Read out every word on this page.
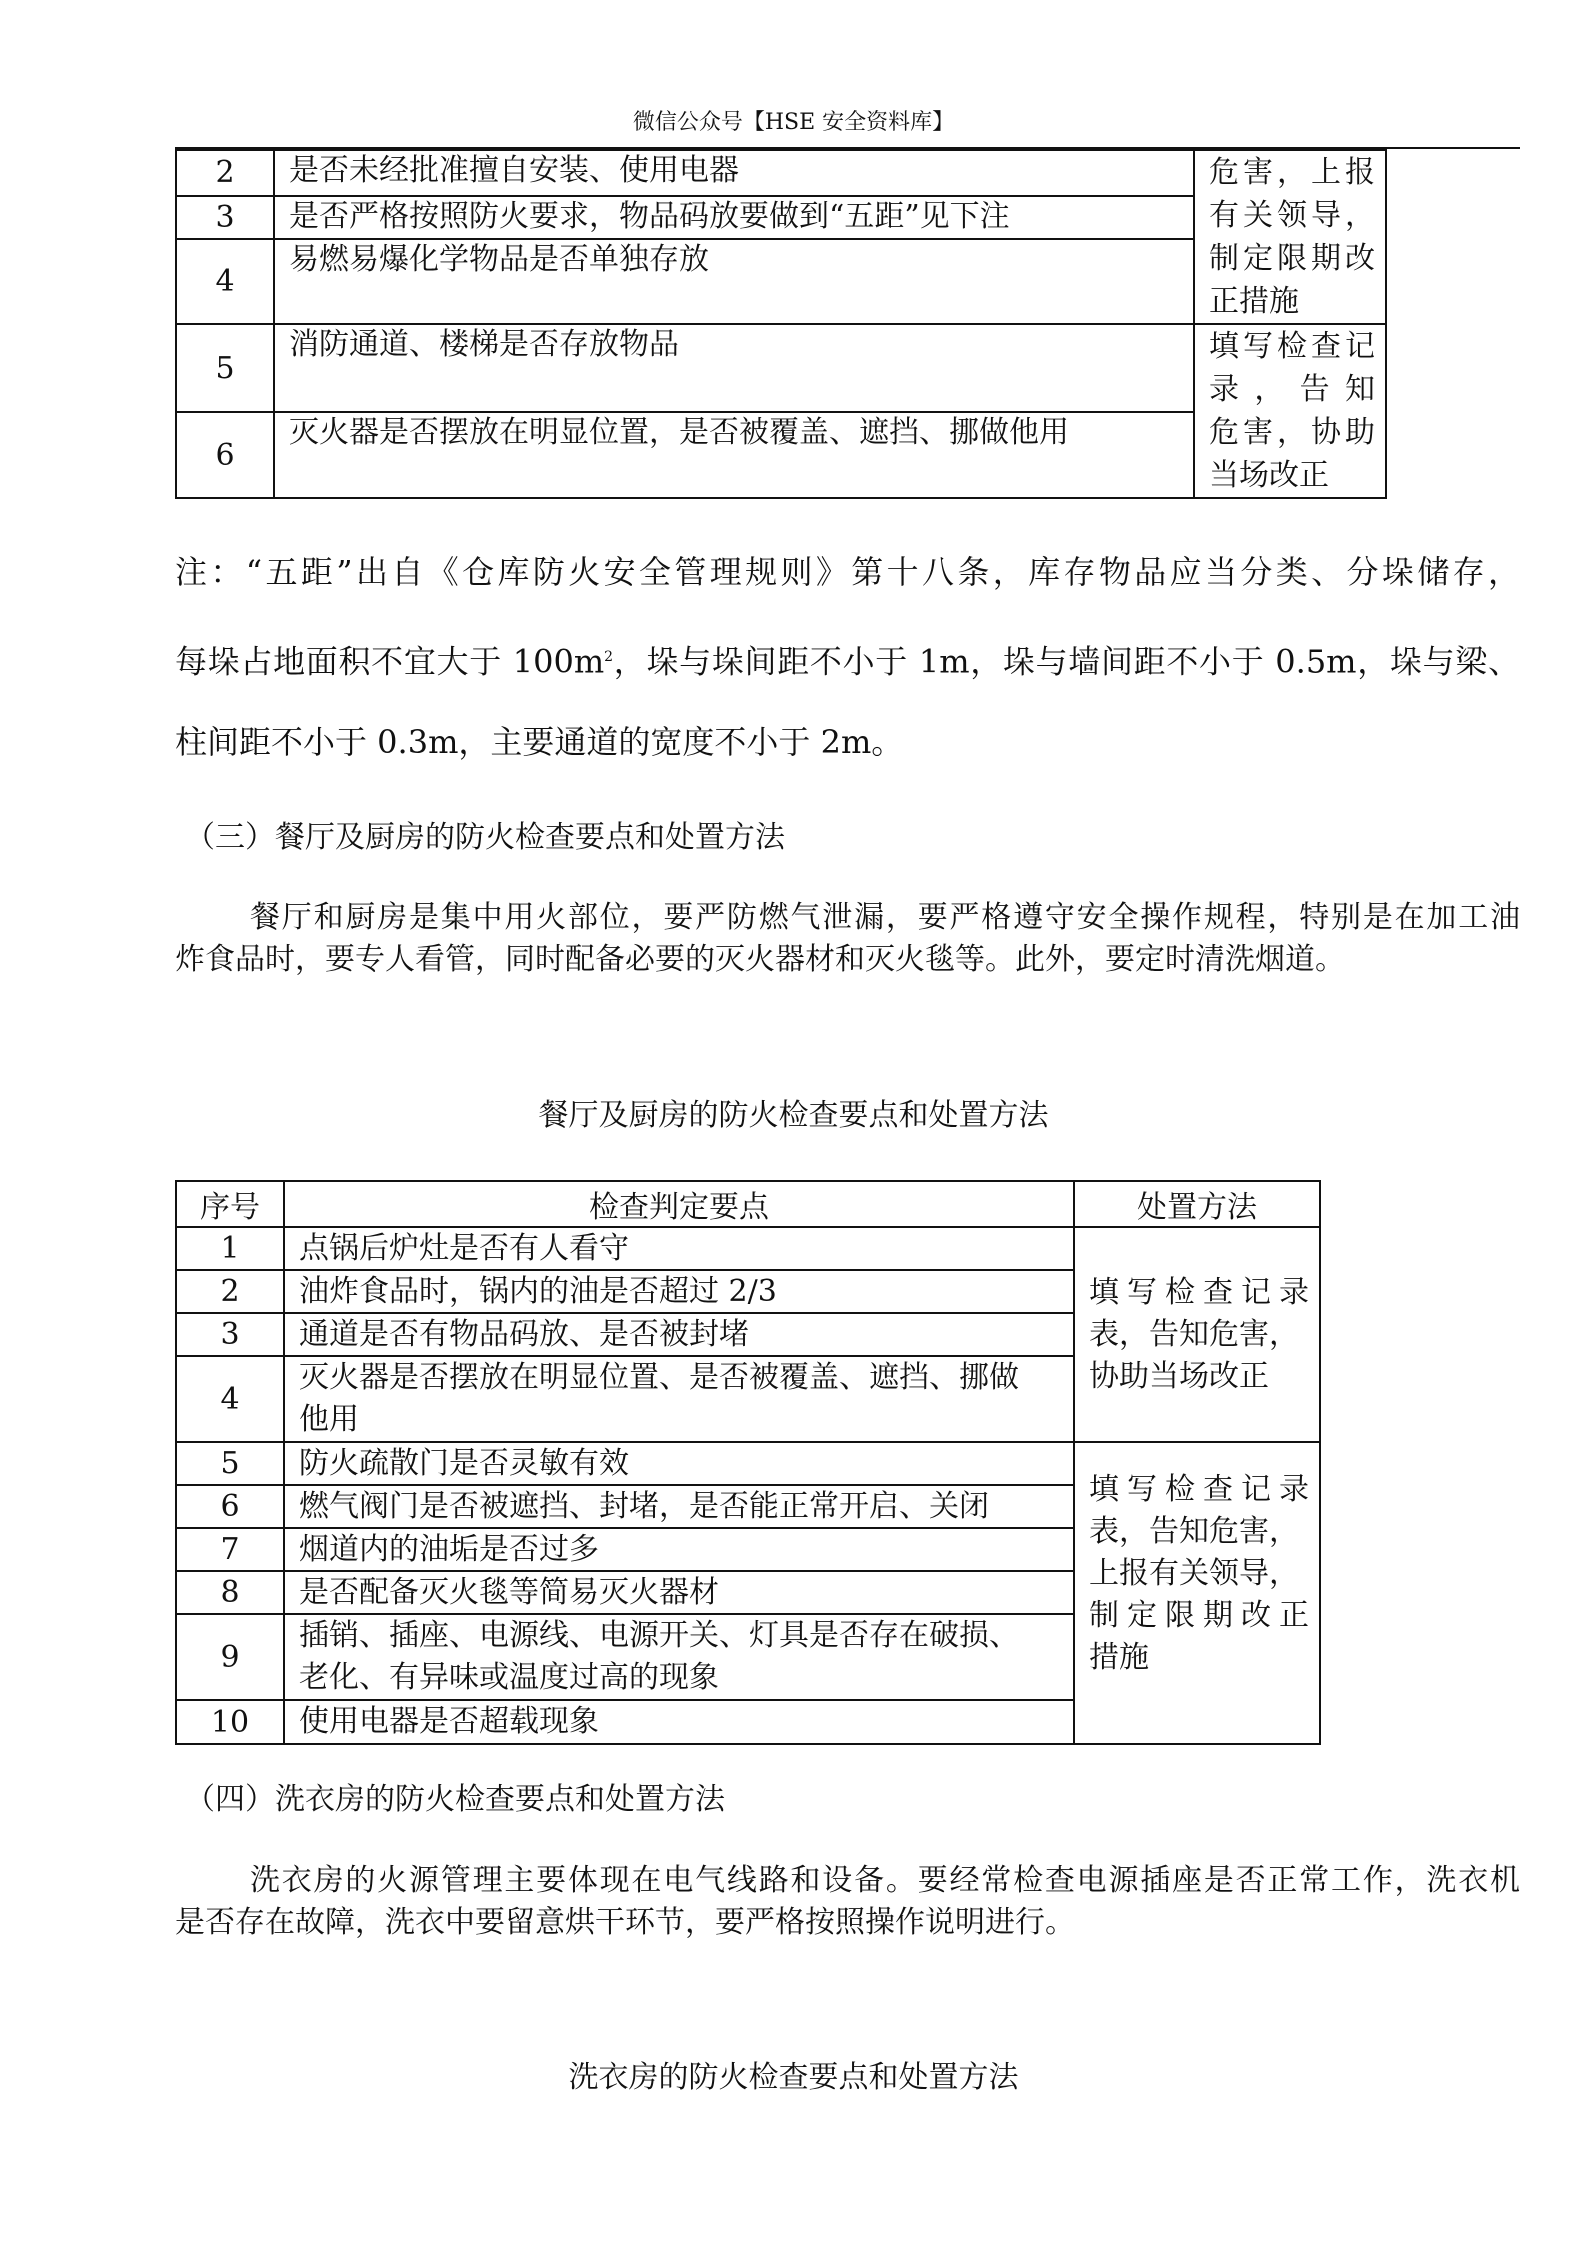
微信公众号【HSE 安全资料库】
2	是否未经批准擅自安装、使用电器	危害，上报
有关领导，
制定限期改
正措施

3	是否严格按照防火要求，物品码放要做到“五距”见下注	
4	易燃易爆化学物品是否单独存放	
5	消防通道、楼梯是否存放物品	填写检查记
录，告知
危害，协助
当场改正

6	灭火器是否摆放在明显位置，是否被覆盖、遮挡、挪做他用	
注：“五距”出自《仓库防火安全管理规则》第十八条，库存物品应当分类、分垛储存，
每垛占地面积不宜大于 $100m^2$，垛与垛间距不小于 1m，垛与墙间距不小于 0.5m，垛与梁、
柱间距不小于 0.3m，主要通道的宽度不小于 2m。
（三）餐厅及厨房的防火检查要点和处置方法
餐厅和厨房是集中用火部位，要严防燃气泄漏，要严格遵守安全操作规程，特别是在加工油
炸食品时，要专人看管，同时配备必要的灭火器材和灭火毯等。此外，要定时清洗烟道。
餐厅及厨房的防火检查要点和处置方法
序号	检查判定要点	处置方法
1	点锅后炉灶是否有人看守	填写检查记录
表，告知危害，
协助当场改正

2	油炸食品时，锅内的油是否超过 2/3	
3	通道是否有物品码放、是否被封堵	
4	灭火器是否摆放在明显位置、是否被覆盖、遮挡、挪做
他用	

5	防火疏散门是否灵敏有效	填写检查记录
表，告知危害，
上报有关领导，
制定限期改正
措施

6	燃气阀门是否被遮挡、封堵，是否能正常开启、关闭	
7	烟道内的油垢是否过多	
8	是否配备灭火毯等简易灭火器材	
9	插销、插座、电源线、电源开关、灯具是否存在破损、
老化、有异味或温度过高的现象	

10	使用电器是否超载现象	
（四）洗衣房的防火检查要点和处置方法
洗衣房的火源管理主要体现在电气线路和设备。要经常检查电源插座是否正常工作，洗衣机
是否存在故障，洗衣中要留意烘干环节，要严格按照操作说明进行。
洗衣房的防火检查要点和处置方法
